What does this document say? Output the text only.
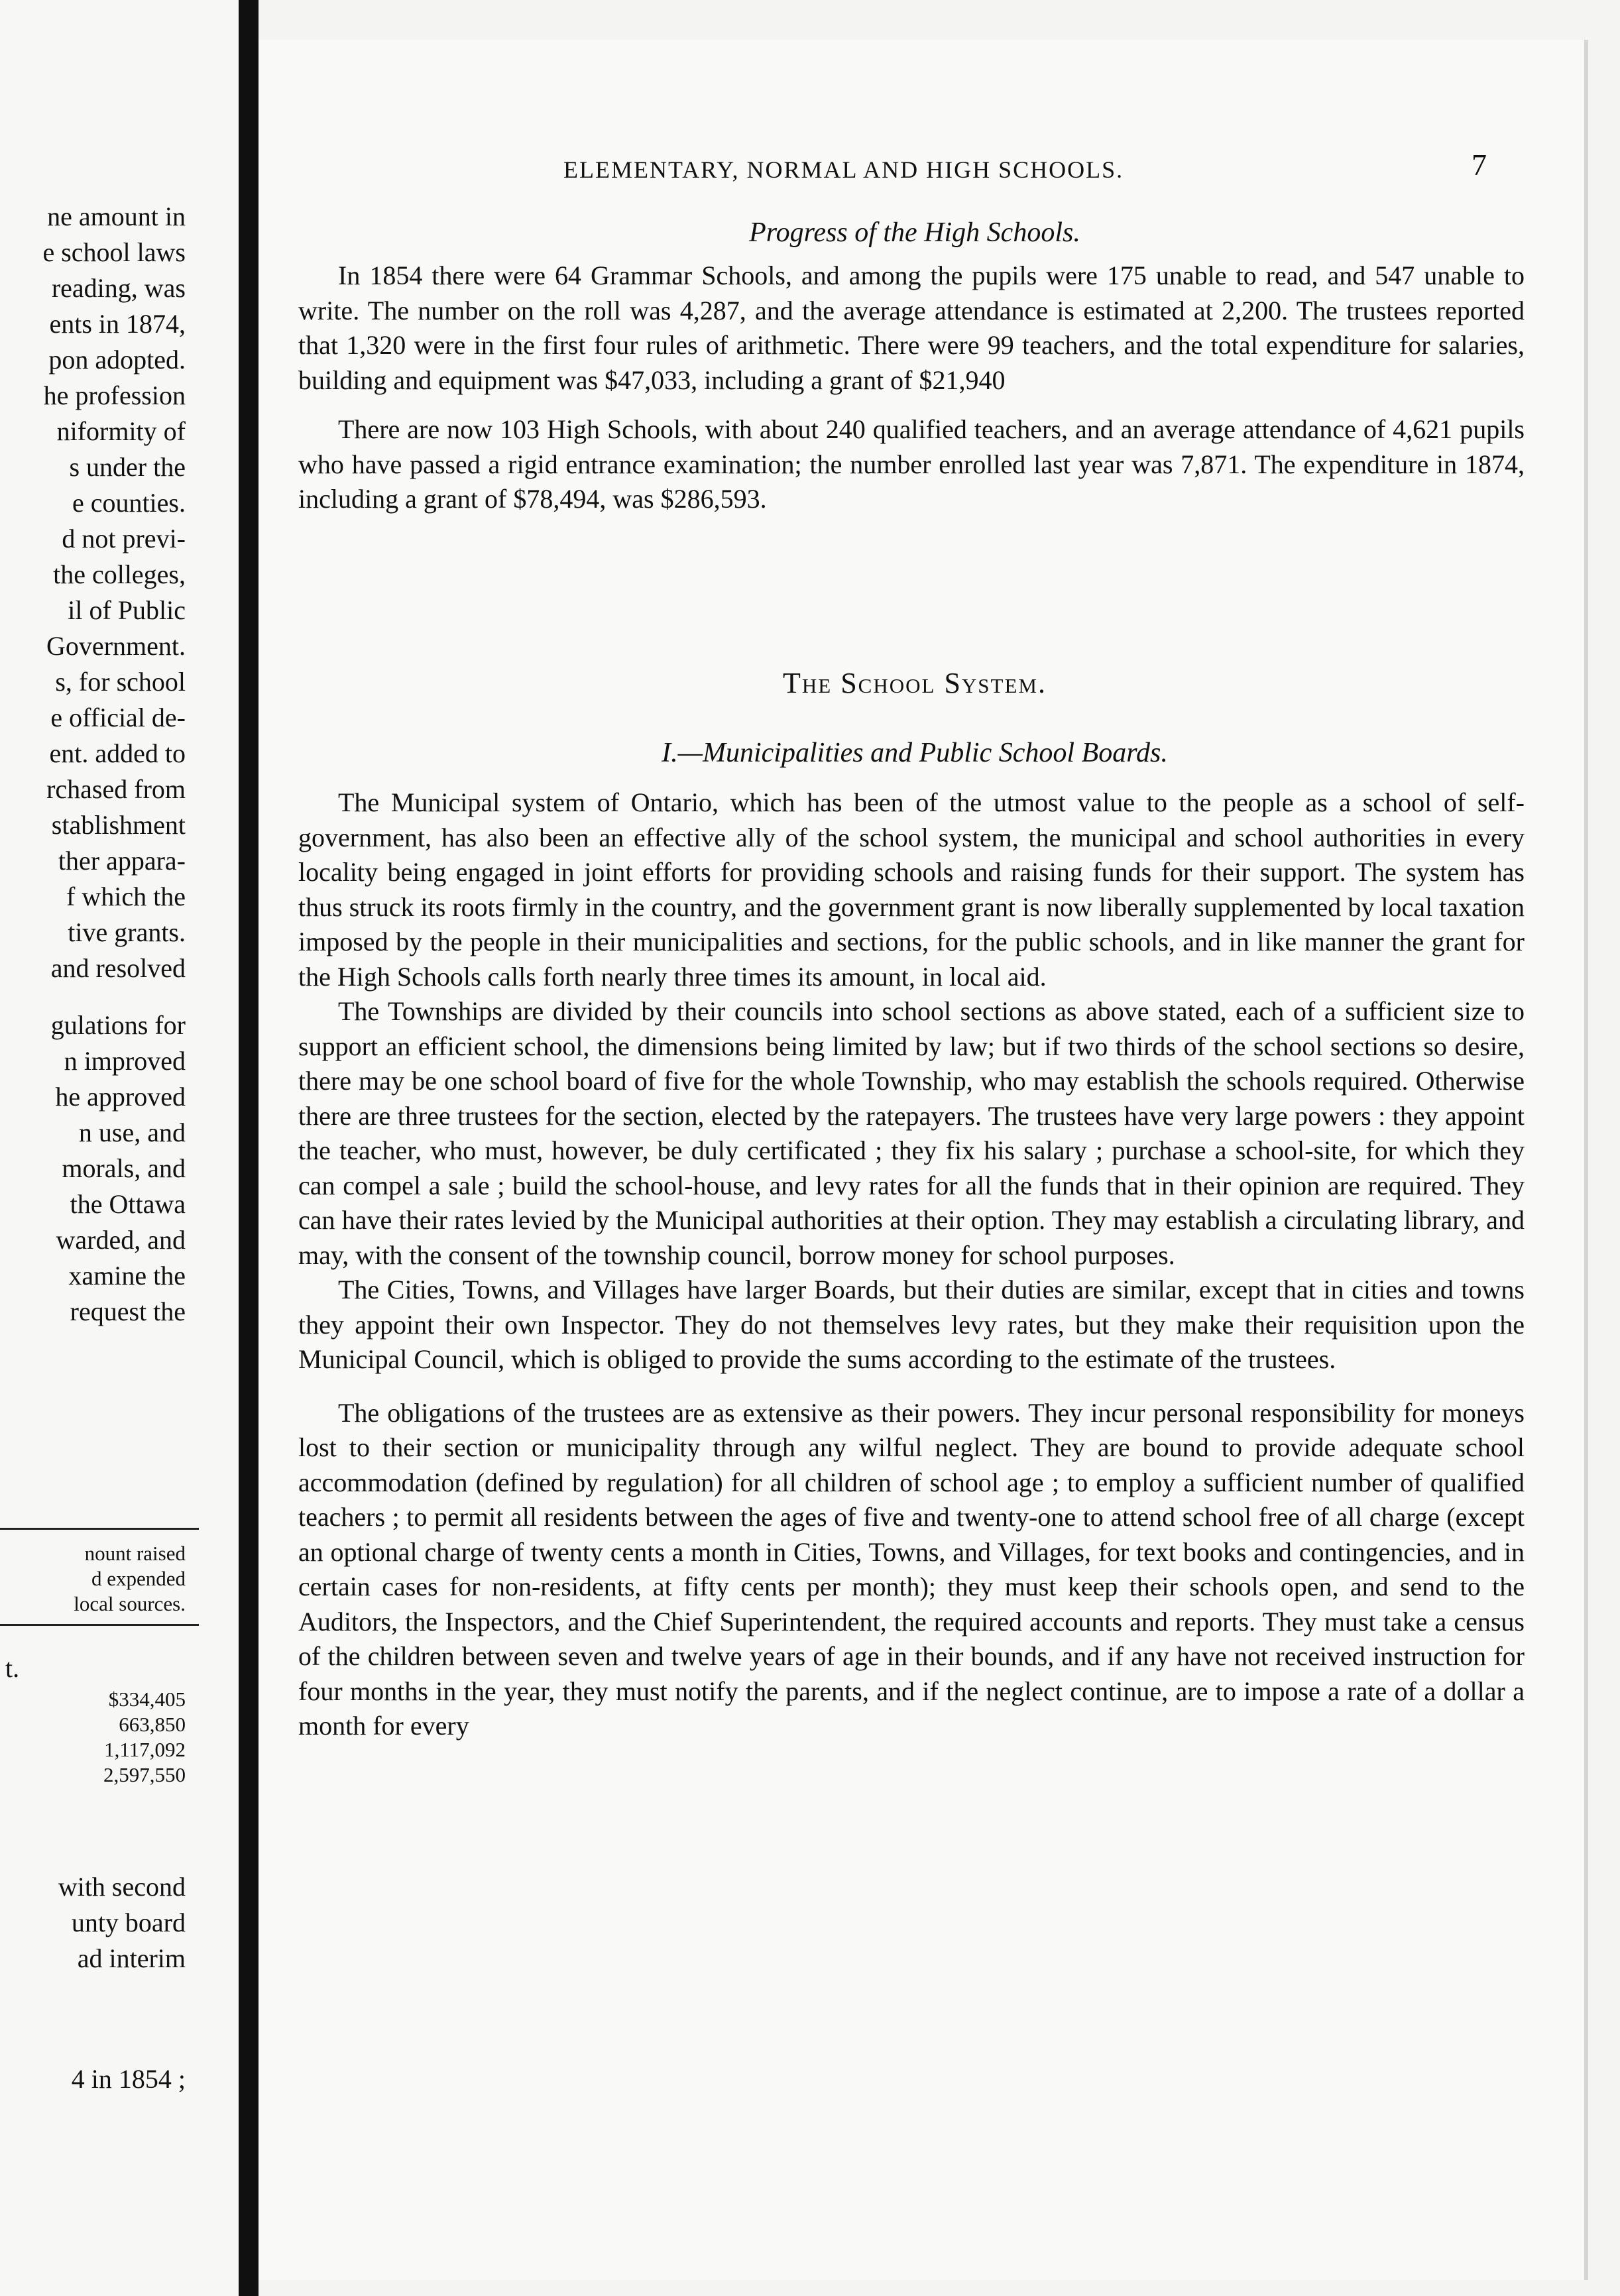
ne amount in
e school laws
reading, was
ents in 1874,
pon adopted.
he profession
niformity of
s under the
e counties.
d not previ-
the colleges,
il of Public
Government.
s, for school
e official de-
ent. added to
rchased from
stablishment
ther appara-
f which the
tive grants.
and resolved
gulations for
n improved
he approved
n use, and
morals, and
the Ottawa
warded, and
xamine the
request the
nount raised
d expended
local sources.
t.
$334,405
663,850
1,117,092
2,597,550
with second
unty board
ad interim
4 in 1854 ;
ELEMENTARY, NORMAL AND HIGH SCHOOLS.	7
Progress of the High Schools.

In 1854 there were 64 Grammar Schools, and among the pupils were 175 unable to read, and 547 unable to write. The number on the roll was 4,287, and the average attendance is estimated at 2,200. The trustees reported that 1,320 were in the first four rules of arithmetic. There were 99 teachers, and the total expenditure for salaries, building and equipment was $47,033, including a grant of $21,940

There are now 103 High Schools, with about 240 qualified teachers, and an average attendance of 4,621 pupils who have passed a rigid entrance examination; the number enrolled last year was 7,871. The expenditure in 1874, including a grant of $78,494, was $286,593.

The School System.
I.—Municipalities and Public School Boards.

The Municipal system of Ontario, which has been of the utmost value to the people as a school of self-government, has also been an effective ally of the school system, the municipal and school authorities in every locality being engaged in joint efforts for providing schools and raising funds for their support. The system has thus struck its roots firmly in the country, and the government grant is now liberally supplemented by local taxation imposed by the people in their municipalities and sections, for the public schools, and in like manner the grant for the High Schools calls forth nearly three times its amount, in local aid.

The Townships are divided by their councils into school sections as above stated, each of a sufficient size to support an efficient school, the dimensions being limited by law; but if two thirds of the school sections so desire, there may be one school board of five for the whole Township, who may establish the schools required. Otherwise there are three trustees for the section, elected by the ratepayers. The trustees have very large powers : they appoint the teacher, who must, however, be duly certificated ; they fix his salary ; purchase a school-site, for which they can compel a sale ; build the school-house, and levy rates for all the funds that in their opinion are required. They can have their rates levied by the Municipal authorities at their option. They may establish a circulating library, and may, with the consent of the township council, borrow money for school purposes.

The Cities, Towns, and Villages have larger Boards, but their duties are similar, except that in cities and towns they appoint their own Inspector. They do not themselves levy rates, but they make their requisition upon the Municipal Council, which is obliged to provide the sums according to the estimate of the trustees.

The obligations of the trustees are as extensive as their powers. They incur personal responsibility for moneys lost to their section or municipality through any wilful neglect. They are bound to provide adequate school accommodation (defined by regulation) for all children of school age ; to employ a sufficient number of qualified teachers ; to permit all residents between the ages of five and twenty-one to attend school free of all charge (except an optional charge of twenty cents a month in Cities, Towns, and Villages, for text books and contingencies, and in certain cases for non-residents, at fifty cents per month); they must keep their schools open, and send to the Auditors, the Inspectors, and the Chief Superintendent, the required accounts and reports. They must take a census of the children between seven and twelve years of age in their bounds, and if any have not received instruction for four months in the year, they must notify the parents, and if the neglect continue, are to impose a rate of a dollar a month for every
